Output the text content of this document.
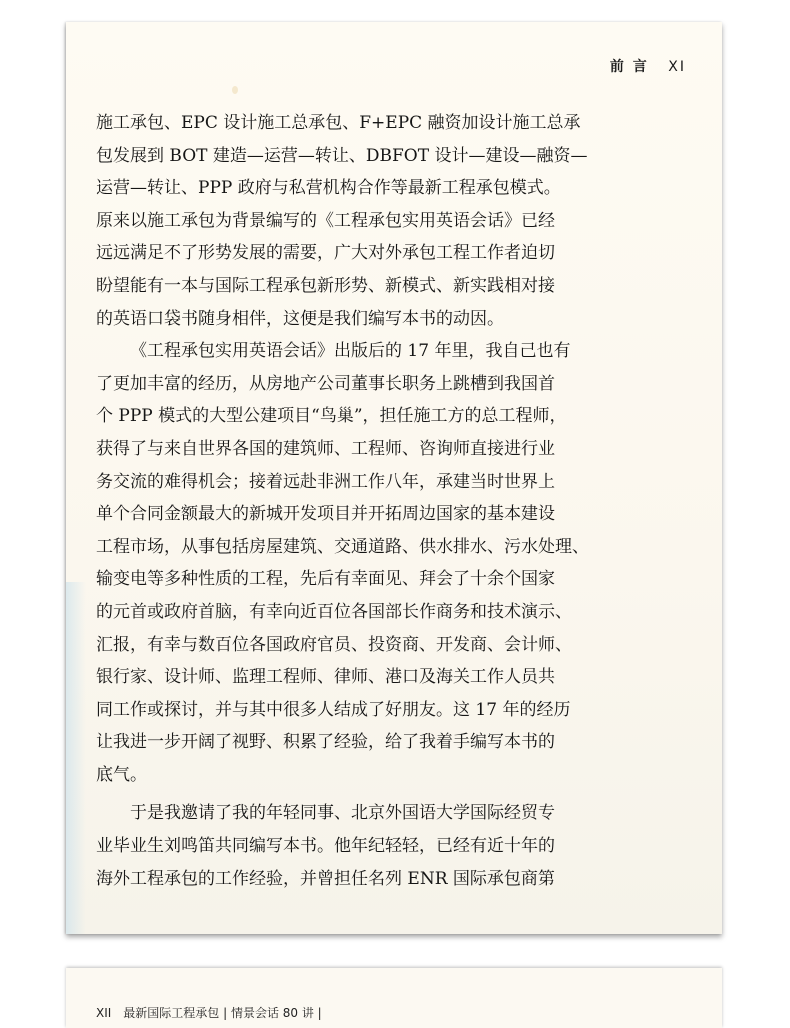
前言 XI
施工承包、EPC 设计施工总承包、F+EPC 融资加设计施工总承
包发展到 BOT 建造—运营—转让、DBFOT 设计—建设—融资—
运营—转让、PPP 政府与私营机构合作等最新工程承包模式。
原来以施工承包为背景编写的《工程承包实用英语会话》已经
远远满足不了形势发展的需要，广大对外承包工程工作者迫切
盼望能有一本与国际工程承包新形势、新模式、新实践相对接
的英语口袋书随身相伴，这便是我们编写本书的动因。
《工程承包实用英语会话》出版后的 17 年里，我自己也有
了更加丰富的经历，从房地产公司董事长职务上跳槽到我国首
个 PPP 模式的大型公建项目“鸟巢”，担任施工方的总工程师，
获得了与来自世界各国的建筑师、工程师、咨询师直接进行业
务交流的难得机会；接着远赴非洲工作八年，承建当时世界上
单个合同金额最大的新城开发项目并开拓周边国家的基本建设
工程市场，从事包括房屋建筑、交通道路、供水排水、污水处理、
输变电等多种性质的工程，先后有幸面见、拜会了十余个国家
的元首或政府首脑，有幸向近百位各国部长作商务和技术演示、
汇报，有幸与数百位各国政府官员、投资商、开发商、会计师、
银行家、设计师、监理工程师、律师、港口及海关工作人员共
同工作或探讨，并与其中很多人结成了好朋友。这 17 年的经历
让我进一步开阔了视野、积累了经验，给了我着手编写本书的
底气。
于是我邀请了我的年轻同事、北京外国语大学国际经贸专
业毕业生刘鸣笛共同编写本书。他年纪轻轻，已经有近十年的
海外工程承包的工作经验，并曾担任名列 ENR 国际承包商第
XII　最新国际工程承包 | 情景会话 80 讲 |
